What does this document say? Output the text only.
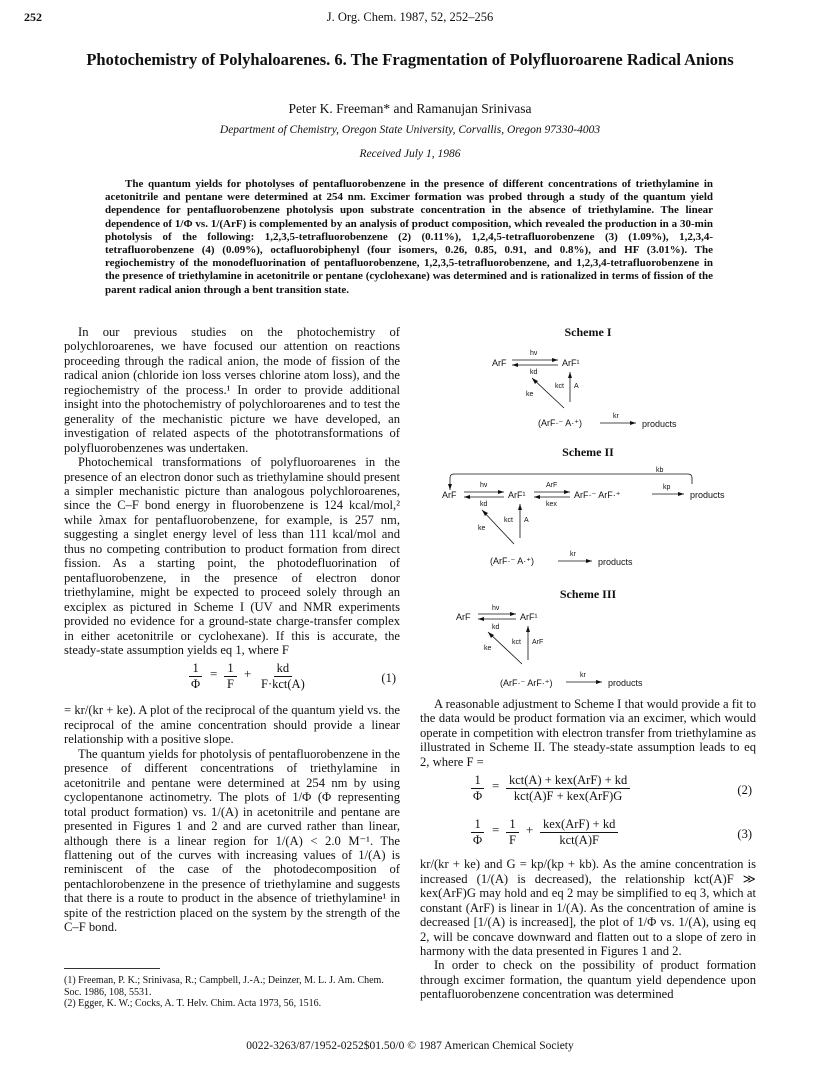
252	J. Org. Chem. 1987, 52, 252–256
Photochemistry of Polyhaloarenes. 6. The Fragmentation of Polyfluoroarene Radical Anions
Peter K. Freeman* and Ramanujan Srinivasa
Department of Chemistry, Oregon State University, Corvallis, Oregon 97330-4003
Received July 1, 1986
The quantum yields for photolyses of pentafluorobenzene in the presence of different concentrations of triethylamine in acetonitrile and pentane were determined at 254 nm. Excimer formation was probed through a study of the quantum yield dependence for pentafluorobenzene photolysis upon substrate concentration in the absence of triethylamine. The linear dependence of 1/Φ vs. 1/(ArF) is complemented by an analysis of product composition, which revealed the production in a 30-min photolysis of the following: 1,2,3,5-tetrafluorobenzene (2) (0.11%), 1,2,4,5-tetrafluorobenzene (3) (1.09%), 1,2,3,4-tetrafluorobenzene (4) (0.09%), octafluorobiphenyl (four isomers, 0.26, 0.85, 0.91, and 0.8%), and HF (3.01%). The regiochemistry of the monodefluorination of pentafluorobenzene, 1,2,3,5-tetrafluorobenzene, and 1,2,3,4-tetrafluorobenzene in the presence of triethylamine in acetonitrile or pentane (cyclohexane) was determined and is rationalized in terms of fission of the parent radical anion through a bent transition state.

In our previous studies on the photochemistry of polychloroarenes, we have focused our attention on reactions proceeding through the radical anion, the mode of fission of the radical anion (chloride ion loss verses chlorine atom loss), and the regiochemistry of the process.¹ In order to provide additional insight into the photochemistry of polychloroarenes and to test the generality of the mechanistic picture we have developed, an investigation of related aspects of the phototransformations of polyfluorobenzenes was undertaken.

Photochemical transformations of polyfluoroarenes in the presence of an electron donor such as triethylamine should present a simpler mechanistic picture than analogous polychloroarenes, since the C–F bond energy in fluorobenzene is 124 kcal/mol,² while λmax for pentafluorobenzene, for example, is 257 nm, suggesting a singlet energy level of less than 111 kcal/mol and thus no competing contribution to product formation from direct fission. As a starting point, the photodefluorination of pentafluorobenzene, in the presence of electron donor triethylamine, might be expected to proceed solely through an exciplex as pictured in Scheme I (UV and NMR experiments provided no evidence for a ground-state charge-transfer complex in either acetonitrile or cyclohexane). If this is accurate, the steady-state assumption yields eq 1, where F

$\frac{1}{\Phi} = \frac{1}{F}$ + kd
F·kct(A)	(1)

= kr/(kr + ke). A plot of the reciprocal of the quantum yield vs. the reciprocal of the amine concentration should provide a linear relationship with a positive slope.

The quantum yields for photolysis of pentafluorobenzene in the presence of different concentrations of triethylamine in acetonitrile and pentane were determined at 254 nm by using cyclopentanone actinometry. The plots of 1/Φ (Φ representing total product formation) vs. 1/(A) in acetonitrile and pentane are presented in Figures 1 and 2 and are curved rather than linear, although there is a linear region for 1/(A) < 2.0 M⁻¹. The flattening out of the curves with increasing values of 1/(A) is reminiscent of the case of the photodecomposition of pentachlorobenzene in the presence of triethylamine and suggests that there is a route to product in the absence of triethylamine¹ in spite of the restriction placed on the system by the strength of the C–F bond.

Scheme I
ArF
hν
kd
ArF¹
A
kct
ke
(ArF·⁻ A·⁺)
kr
products
Scheme II
kb
ArF
hν
kd
ArF¹
ArF
kex
ArF·⁻ ArF·⁺
kp
products
A
kct
ke
(ArF·⁻ A·⁺)
kr
products
Scheme III
ArF
hν
kd
ArF¹
ArF
kct
ke
(ArF·⁻ ArF·⁺)
kr
products

A reasonable adjustment to Scheme I that would provide a fit to the data would be product formation via an excimer, which would operate in competition with electron transfer from triethylamine as illustrated in Scheme II. The steady-state assumption leads to eq 2, where F =

$\frac{1}{\Phi} = kct(A) + kex(ArF)$ + kd
kct(A)F + kex(ArF)G	(2)
$\frac{1}{\Phi} = \frac{1}{F} + kex(ArF)$ + kd
kct(A)F	(3)

kr/(kr + ke) and G = kp/(kp + kb). As the amine concentration is increased (1/(A) is decreased), the relationship kct(A)F ≫ kex(ArF)G may hold and eq 2 may be simplified to eq 3, which at constant (ArF) is linear in 1/(A). As the concentration of amine is decreased [1/(A) is increased], the plot of 1/Φ vs. 1/(A), using eq 2, will be concave downward and flatten out to a slope of zero in harmony with the data presented in Figures 1 and 2.

In order to check on the possibility of product formation through excimer formation, the quantum yield dependence upon pentafluorobenzene concentration was determined

(1) Freeman, P. K.; Srinivasa, R.; Campbell, J.-A.; Deinzer, M. L. J. Am. Chem. Soc. 1986, 108, 5531.
(2) Egger, K. W.; Cocks, A. T. Helv. Chim. Acta 1973, 56, 1516.
0022-3263/87/1952-0252$01.50/0 © 1987 American Chemical Society
